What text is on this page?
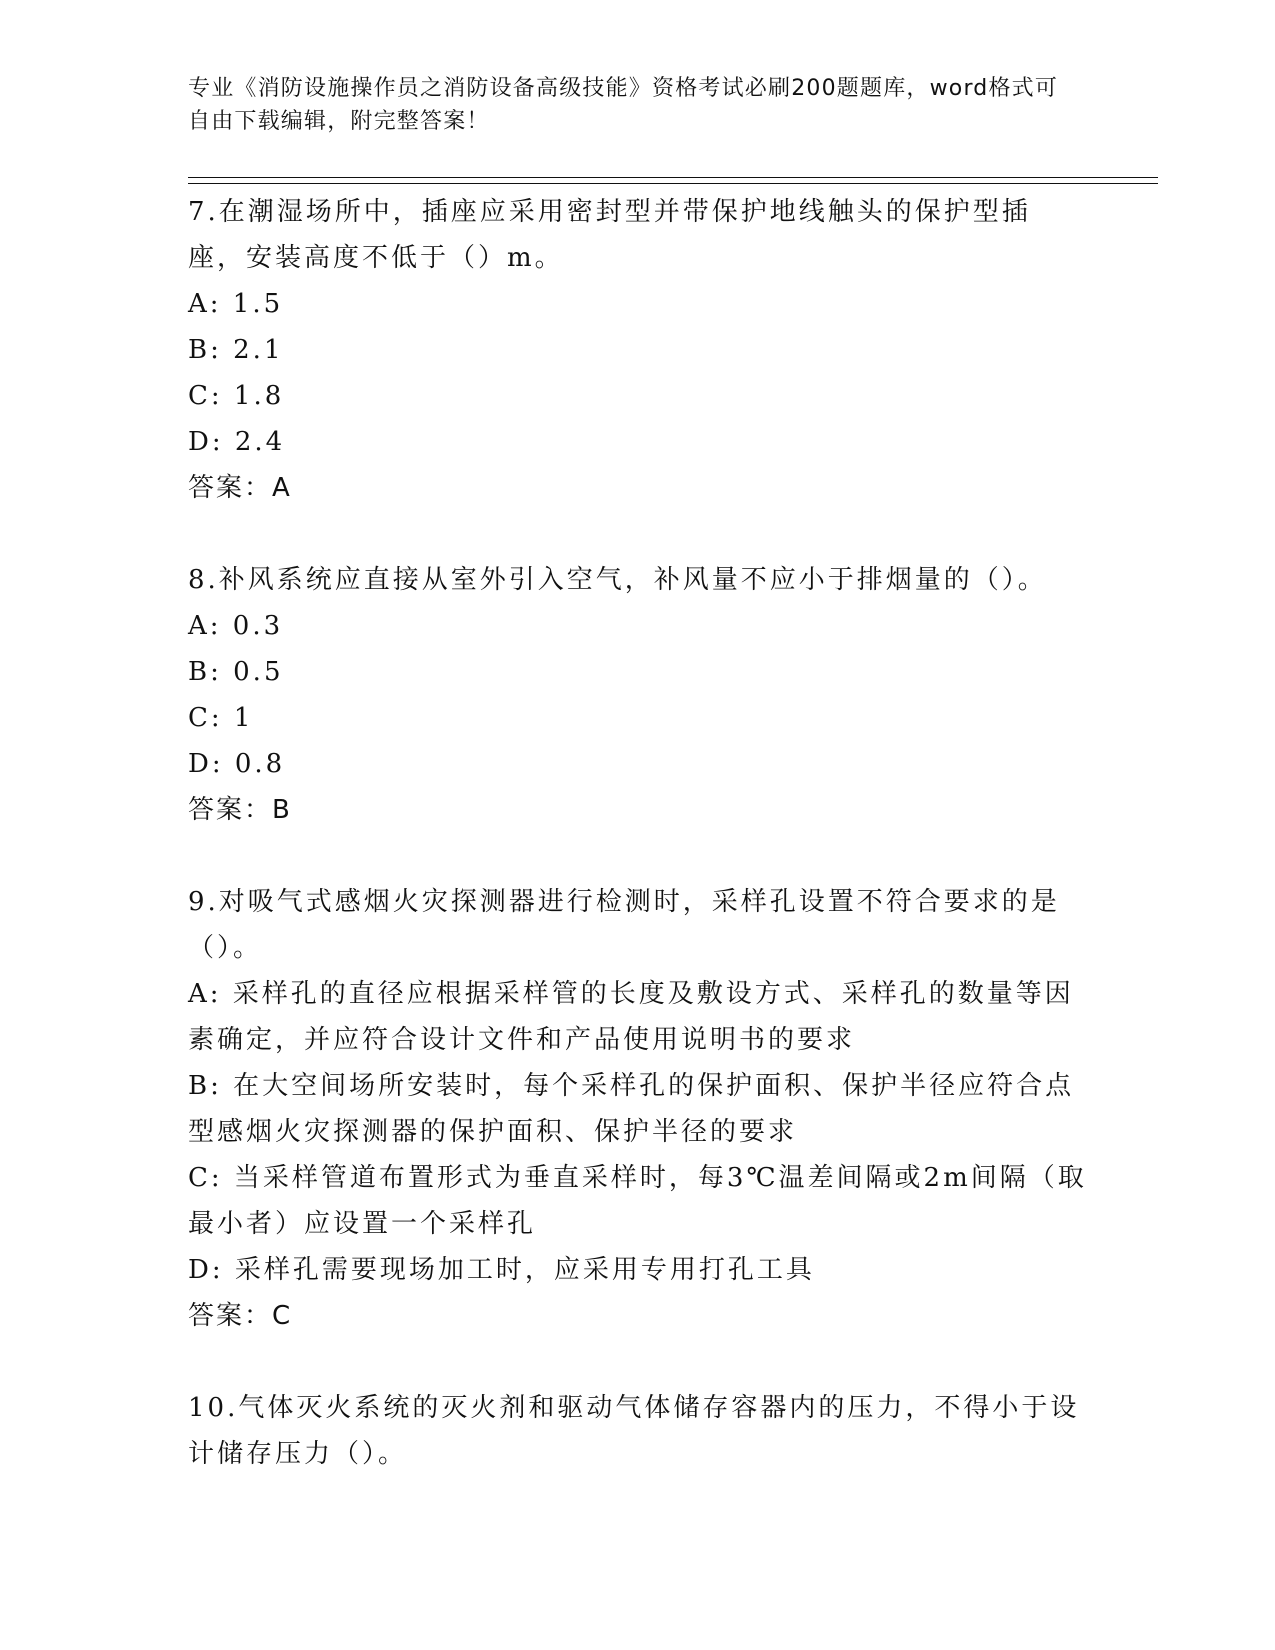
专业《消防设施操作员之消防设备高级技能》资格考试必刷200题题库，word格式可自由下载编辑，附完整答案！
7.在潮湿场所中，插座应采用密封型并带保护地线触头的保护型插座，安装高度不低于（）m。
A: 1.5
B: 2.1
C: 1.8
D: 2.4
答案：A
8.补风系统应直接从室外引入空气，补风量不应小于排烟量的（）。
A: 0.3
B: 0.5
C: 1
D: 0.8
答案：B
9.对吸气式感烟火灾探测器进行检测时，采样孔设置不符合要求的是（）。
A: 采样孔的直径应根据采样管的长度及敷设方式、采样孔的数量等因素确定，并应符合设计文件和产品使用说明书的要求
B: 在大空间场所安装时，每个采样孔的保护面积、保护半径应符合点型感烟火灾探测器的保护面积、保护半径的要求
C: 当采样管道布置形式为垂直采样时，每3℃温差间隔或2m间隔（取最小者）应设置一个采样孔
D: 采样孔需要现场加工时，应采用专用打孔工具
答案：C
10.气体灭火系统的灭火剂和驱动气体储存容器内的压力，不得小于设计储存压力（）。
